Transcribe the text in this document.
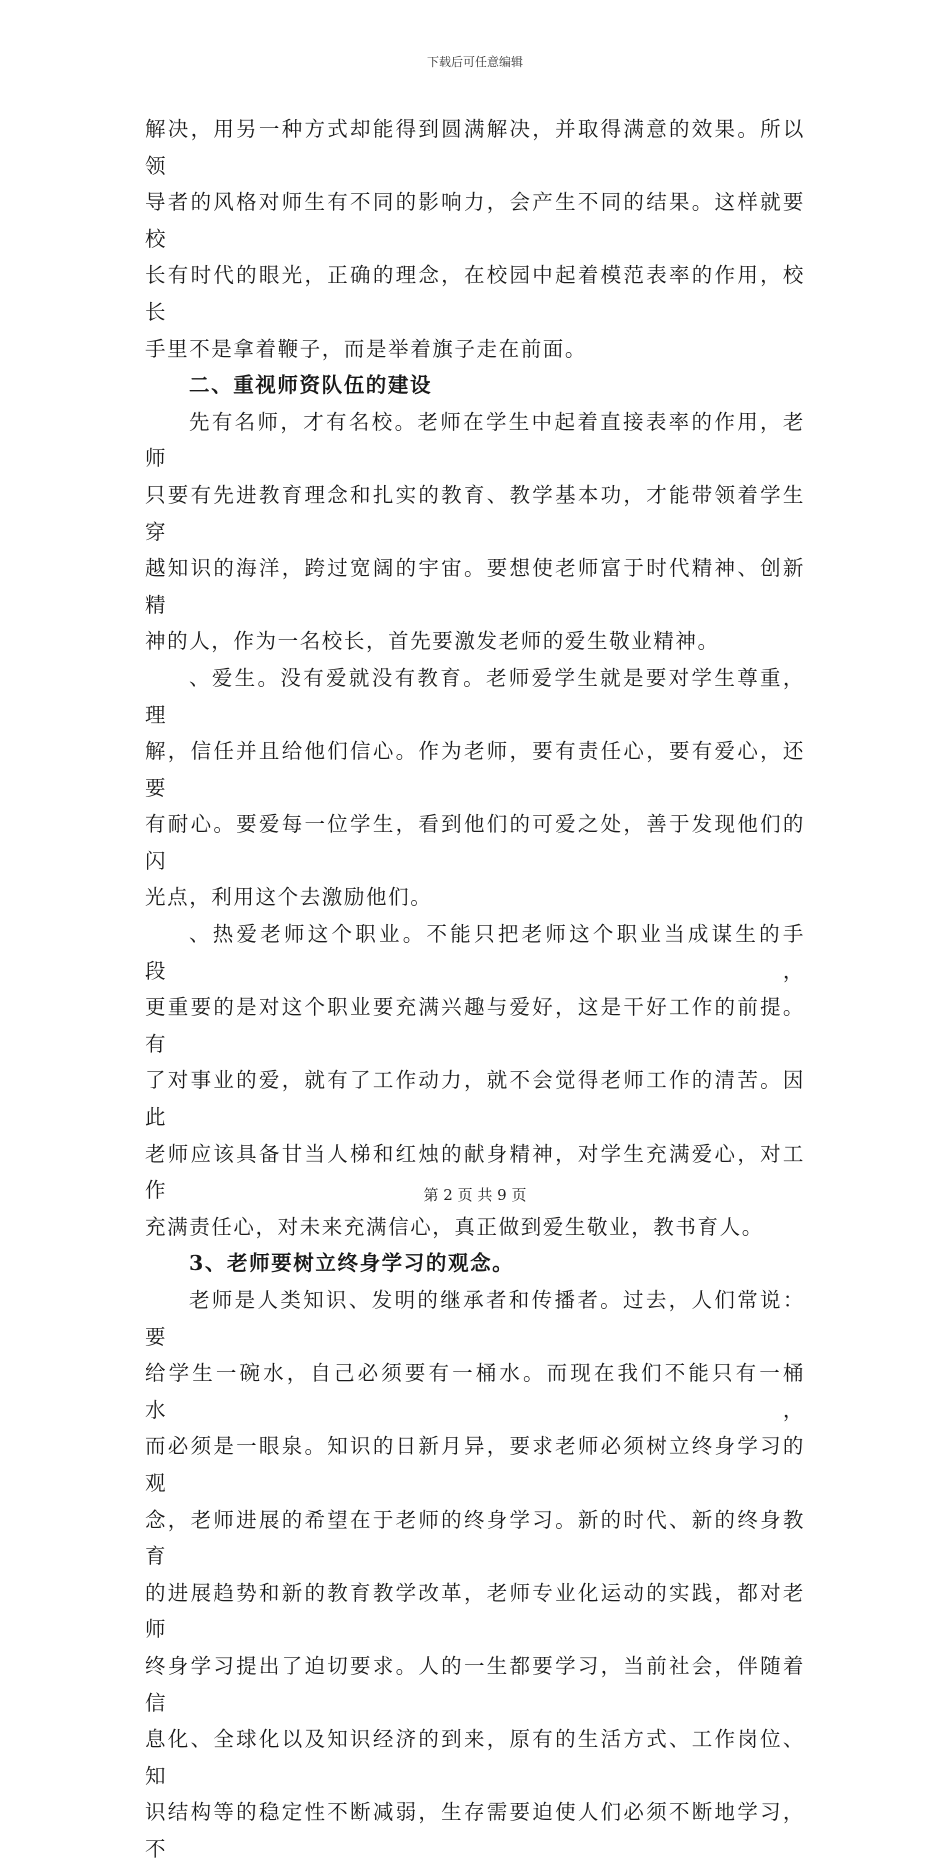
下载后可任意编辑

解决，用另一种方式却能得到圆满解决，并取得满意的效果。所以领

导者的风格对师生有不同的影响力，会产生不同的结果。这样就要校

长有时代的眼光，正确的理念，在校园中起着模范表率的作用，校长

手里不是拿着鞭子，而是举着旗子走在前面。

二、重视师资队伍的建设

先有名师，才有名校。老师在学生中起着直接表率的作用，老师

只要有先进教育理念和扎实的教育、教学基本功，才能带领着学生穿

越知识的海洋，跨过宽阔的宇宙。要想使老师富于时代精神、创新精

神的人，作为一名校长，首先要激发老师的爱生敬业精神。

、爱生。没有爱就没有教育。老师爱学生就是要对学生尊重，理

解，信任并且给他们信心。作为老师，要有责任心，要有爱心，还要

有耐心。要爱每一位学生，看到他们的可爱之处，善于发现他们的闪

光点，利用这个去激励他们。

、热爱老师这个职业。不能只把老师这个职业当成谋生的手段，

更重要的是对这个职业要充满兴趣与爱好，这是干好工作的前提。有

了对事业的爱，就有了工作动力，就不会觉得老师工作的清苦。因此

老师应该具备甘当人梯和红烛的献身精神，对学生充满爱心，对工作

充满责任心，对未来充满信心，真正做到爱生敬业，教书育人。

3、老师要树立终身学习的观念。

老师是人类知识、发明的继承者和传播者。过去，人们常说：要

给学生一碗水，自己必须要有一桶水。而现在我们不能只有一桶水，

而必须是一眼泉。知识的日新月异，要求老师必须树立终身学习的观

念，老师进展的希望在于老师的终身学习。新的时代、新的终身教育

的进展趋势和新的教育教学改革，老师专业化运动的实践，都对老师

终身学习提出了迫切要求。人的一生都要学习，当前社会，伴随着信

息化、全球化以及知识经济的到来，原有的生活方式、工作岗位、知

识结构等的稳定性不断减弱，生存需要迫使人们必须不断地学习，不

第 2 页 共 9 页
